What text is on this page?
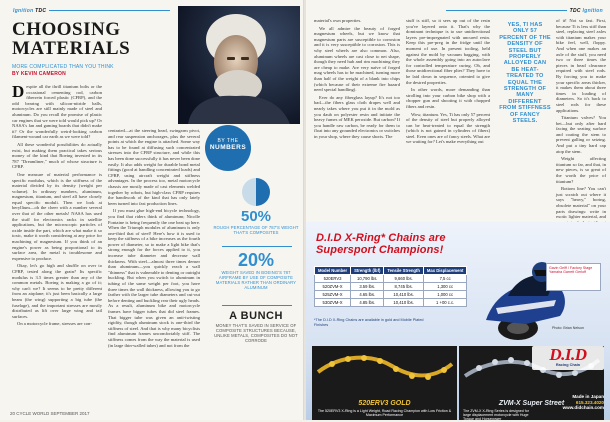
Ignition TDC
CHOOSING
MATERIALS
MORE COMPLICATED THAN YOU THINK
BY KEVIN CAMERON

Despite all the thrill titanium bolts or the occasional cementing rod, carbon fiberrein forced plastic (CFRP), and the odd bearing with silicon-nitride balls, motorcycles are still mainly made of steel and aluminum. Do you recall the promise of plastic car engines that we were told would pick up? Or NASA's fan and gaming boards that didn't make it? Or the wonderfully weird-looking carbon filament-wound car earth as we were told?

All these wonderful possibilities do actually exist, but making them practical takes serious money of the kind that Boeing invested in its 787 "Dreamliner," much of whose structure is CFRP.

One measure of material performance is specific modulus, which is the stiffness of the material divided by its density (weight per volume). In ordinary numbers, aluminum, magnesium, titanium, and steel all have closely equal specific moduli. Then we look at beryllium—oh the cheer with a number several over that of the other metals! NASA has used the stuff for electronics racks in satellite applications, but the microscopic particles of oxide inside the part, which are what make it so toxic, make it worth considering at any price for machining of magnesium. If you think of an engine's power as being proportional to its surface area, the metal is troublesome and expensive to produce.

Okay, let's go high and shuffle on over to CFRP, tested along the grain? Its specific modulus is 3.5 times greater than any of the common metals. Boeing is making a go of it; why can't we? It seems to be pretty different from an airplane; it's just been basically a large beam (the wing) supporting a big tube (the fuselage), and the important stresses are mostly distributed as lift over large wing and tail surfaces.

On a motorcycle frame, stresses are con-

centrated—at the steering head, swingarm pivot, and rear suspension anchorages, plus the several points at which the engine is attached. Some way has to be found at diffusing such concentrated stresses into the CFRP structure, and while this has been done successfully it has never been done easily. It also adds weight for durable bond metal fittings (good at handling concentrated loads) and CFRP, using aircraft weight and stiffness advantages. In the process too, metal motorcycle chassis are mostly made of cast elements welded together by robots, but high-class CFRP requires the handiwork of the kind that has only lately been turned into fast production lines.

If you must glue high-end bicycle technology, you find that riders think of aluminum; Nicolle Fontaine is being frequently the one beat up here. When the Triumph modules of aluminum is only one-third that of steel! Here's how it is used to keep the stiffness of a bike increases as the fourth power of diameter, so to make a light bike that's strong enough for the forces applied to it, you increase tube diameter and decrease wall thickness. With steel—almost three times denser than aluminum—you quickly reach a wall "thinness" that is vulnerable to denting or outright buckling. But when you switch to aluminum in tubing of the same weight per foot, you have three times the wall thickness, allowing you to go farther with the larger tube diameters and cut-out before denting and buckling rear their ugly heads. As a result, aluminum bike and motorcycle frames have bigger tubes that did steel frames. That bigger tube was given an anti-twisting rigidity, though aluminum stock is one-third the stiffness of steel. And that is why many bicyclists find aluminum frames uncomfortably stiff. The stiffness comes from the way the material is used (in large thin-walled tubes) and not from the

BY THE
NUMBERS
50%
ROUGH PERCENTAGE OF 787'S WEIGHT THAT'S COMPOSITES
20%
WEIGHT SAVED IN BOEING'S 787 AIRFRAME BY USE OF COMPOSITE MATERIALS RATHER THAN ORDINARY ALUMINUM
A BUNCH
MONEY THAT'S SAVED IN SERVICE OF COMPOSITE STRUCTURES BECAUSE, UNLIKE METALS, COMPOSITES DO NOT CORRODE
20 CYCLE WORLD SEPTEMBER 2017
TDC Ignition

material's own properties.

We all admire the beauty of forged magnesium wheels, but we know that magnesium parts are susceptible to corrosion and it is very susceptible to corrosion. This is why steel wheels are also common. Also, aluminum wheels are cast close to net shape, though they need hub and rim machining they are cheap to make. Are very naïve of forged mag wheels has to be machined, turning more than half of the weight of a blank into chips (which because of their extreme fire hazard need special handling).

Ever do any fiberglass layup? It's not too bad—the fibers glass cloth drapes well and nearly takes where you put it in the mold as you daub on polyester resin and initiate the heavy fumes of MEK peroxide. But carbon? If you handle raw carbon, be ready for them to float into any grounded electronics or switches in your shop, where they cause shorts. The

stuff is stiff, so it sees up out of the resin you've layered onto it. That's why the dominant technique is to use unidirectional layers pre-impregnated with uncured resin. Keep this pre-preg in the fridge until the moment of use. In present tooling, held against the mold by vacuum bagging, with the whole assembly going into an autoclave for controlled temperature curing. Oh, and those unidirectional fiber plies? They have to be laid down in sequence, oriented to give the desired properties.

In other words, more demanding than strolling into your carbon bike shop with a chopper gun and shooting it with chopped fibers and resin.

Wow, titanium. Yes, Ti has only 57 percent of the density of steel but properly alloyed can be heat-treated to equal the strength (which is not gained in cylinders of fibers) steel. Even ones are of fancy steels. What are we waiting for? Let's make everything out

YES, TI HAS ONLY 57 PERCENT OF THE DENSITY OF STEEL BUT PROPERLY ALLOYED CAN BE HEAT-TREATED TO EQUAL THE STRENGTH OF MANY DIFFERENT FROM STIFFNESS OF FANCY STEELS.

of it! Not so fast. First, because Ti is less stiff than steel, replacing steel axles with titanium makes your bike feel, well, floppy. And when one makes an axle of the stuff, you need two or three times the pieces in bead clearance required with steel rods. By forcing you to make your specific areas thicker, it makes them about three times in loading of diameters. So it's back to steel rods for these applications.

Titanium valves? You bet—but only after hard facing the seating surface and coating the stem to prevent galling or seizing. And put a tiny hard cap atop the stem.

Weight affecting titanium so far, and that, in new pieces, is so great of the worth the price of titanium?

Bottom line? You can't just scratch out where it says "heavy," boring, obsolete material" on your parts drawings: write in exotic lighter material, and

D.I.D X-Ring* Chains are
Supersport Champions!
Model Number	Strength (lbf)	Tensile Strength	Max Displacement
520ERV3	10,790 lbs.	9,660 lbs.	7,5 cc
520ZVM-X	3.59 lbs.	8,745 lbs.	1,300 cc
525ZVM-X	4.65 lbs.	10,410 lbs.	1,000 cc
530ZVM-X	4.85 lbs.	10,410 lbs.	1 +00 c.c.
*The D.I.D X-Ring Chains are available in gold and Mobile Plated Finishes
Gavin Gelff / Factory Stage Yamaha Garrett Gerloff
Photo: Brian Nelson
520ERV3 GOLD
The 520ERV3 X-Ring is a Light Weight, Road Racing Champion with Low Friction & Maximum Performance
ZVM-X Super Street
The ZVM-X X-Ring Series is designed for large displacement motorcycle with Huge Torque and Horsepower
D.I.D
Racing Chain
Made in Japan
615.323.4020
www.didchain.com
